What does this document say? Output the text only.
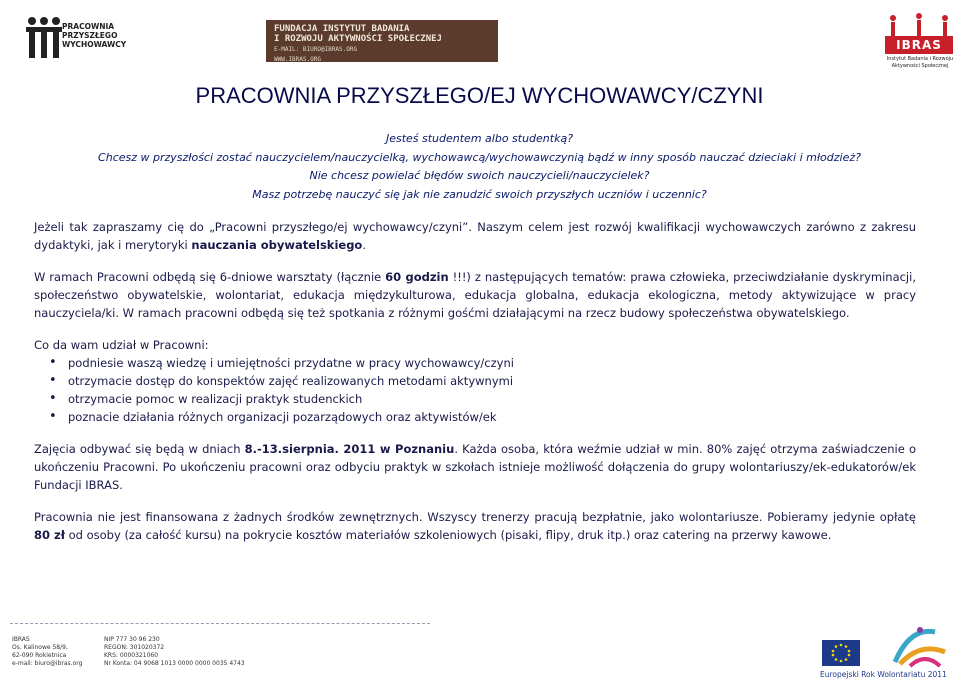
PRACOWNIA
PRZYSZŁEGO
WYCHOWAWCY
FUNDACJA INSTYTUT BADANIA
I ROZWOJU AKTYWNOŚCI SPOŁECZNEJ
E-MAIL: BIURO@IBRAS.ORG
WWW.IBRAS.ORG
IBRAS
Instytut Badania i Rozwoju
Aktywności Społecznej
PRACOWNIA PRZYSZŁEGO/EJ WYCHOWAWCY/CZYNI
Jesteś studentem albo studentką?
Chcesz w przyszłości zostać nauczycielem/nauczycielką, wychowawcą/wychowawczynią bądź w inny sposób nauczać dzieciaki i młodzież?
Nie chcesz powielać błędów swoich nauczycieli/nauczycielek?
Masz potrzebę nauczyć się jak nie zanudzić swoich przyszłych uczniów i uczennic?

Jeżeli tak zapraszamy cię do „Pracowni przyszłego/ej wychowawcy/czyni”. Naszym celem jest rozwój kwalifikacji wychowawczych zarówno z zakresu dydaktyki, jak i merytoryki nauczania obywatelskiego.

W ramach Pracowni odbędą się 6-dniowe warsztaty (łącznie 60 godzin !!!) z następujących tematów: prawa człowieka, przeciwdziałanie dyskryminacji, społeczeństwo obywatelskie, wolontariat, edukacja międzykulturowa, edukacja globalna, edukacja ekologiczna, metody aktywizujące w pracy nauczyciela/ki. W ramach pracowni odbędą się też spotkania z różnymi gośćmi działającymi na rzecz budowy społeczeństwa obywatelskiego.

Co da wam udział w Pracowni:
• podniesie waszą wiedzę i umiejętności przydatne w pracy wychowawcy/czyni
• otrzymacie dostęp do konspektów zajęć realizowanych metodami aktywnymi
• otrzymacie pomoc w realizacji praktyk studenckich
• poznacie działania różnych organizacji pozarządowych oraz aktywistów/ek

Zajęcia odbywać się będą w dniach 8.-13.sierpnia. 2011 w Poznaniu. Każda osoba, która weźmie udział w min. 80% zajęć otrzyma zaświadczenie o ukończeniu Pracowni. Po ukończeniu pracowni oraz odbyciu praktyk w szkołach istnieje możliwość dołączenia do grupy wolontariuszy/ek-edukatorów/ek Fundacji IBRAS.

Pracownia nie jest finansowana z żadnych środków zewnętrznych. Wszyscy trenerzy pracują bezpłatnie, jako wolontariusze. Pobieramy jedynie opłatę 80 zł od osoby (za całość kursu) na pokrycie kosztów materiałów szkoleniowych (pisaki, flipy, druk itp.) oraz catering na przerwy kawowe.

IBRAS
Os. Kalinowe 58/9,
62-090 Rokietnica
e-mail: biuro@ibras.org
NIP 777 30 96 230
REGON: 301020372
KRS: 0000321060
Nr Konta: 04 9068 1013 0000 0000 0035 4743
Europejski Rok Wolontariatu 2011
